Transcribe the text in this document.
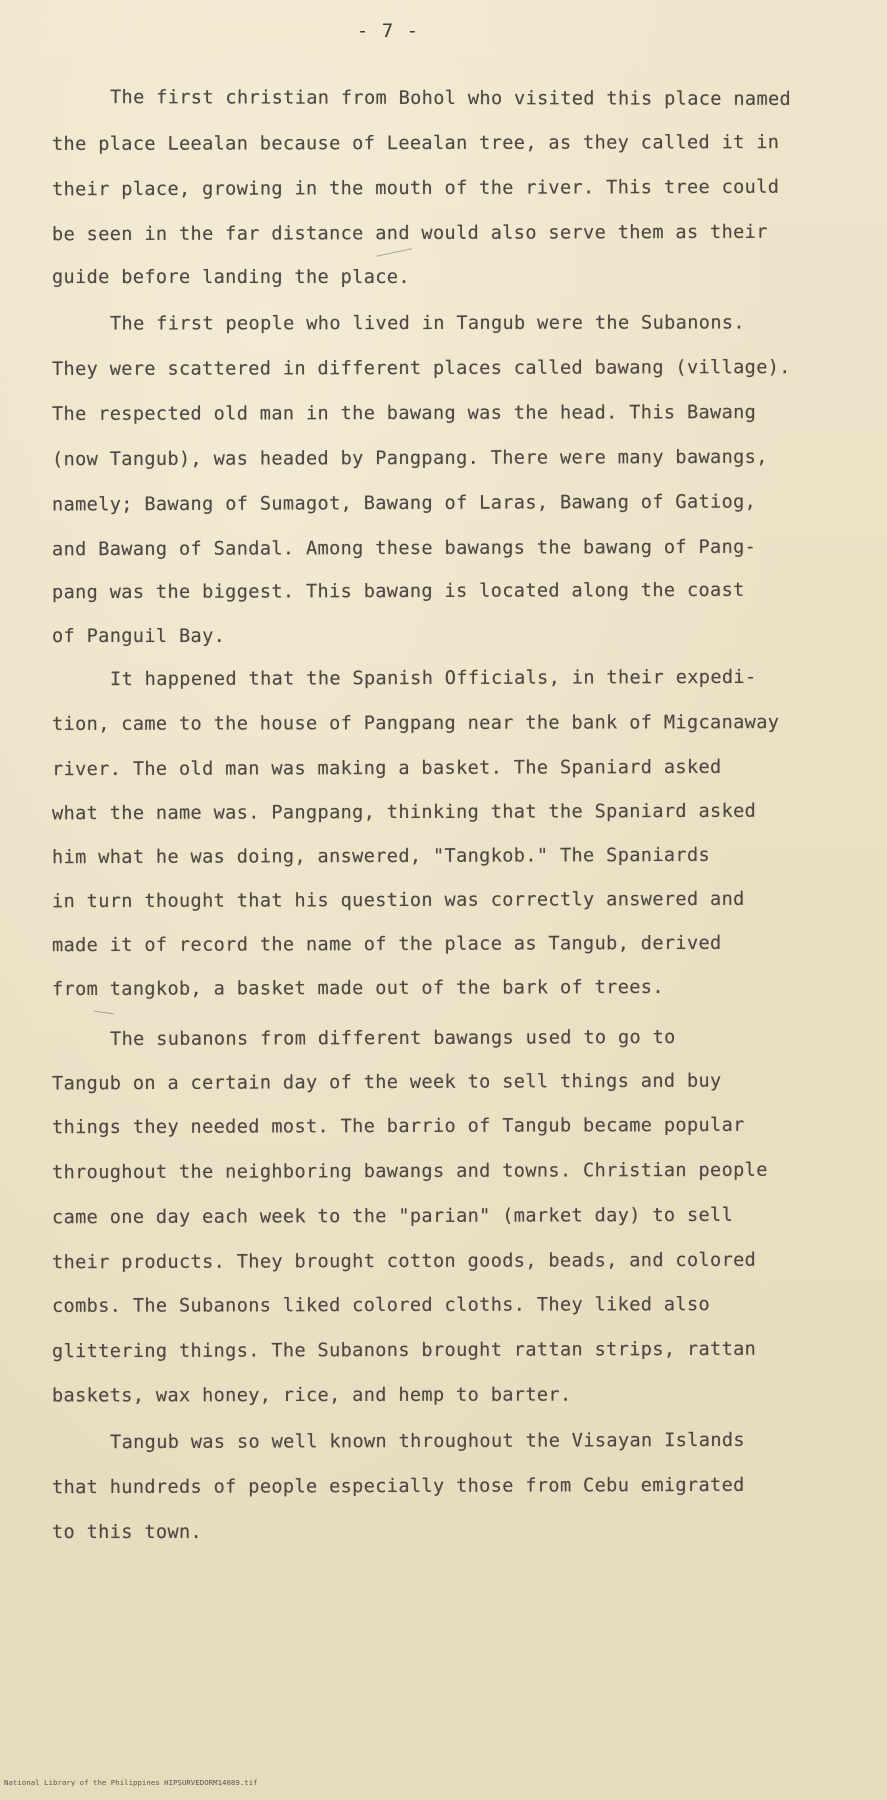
- 7 -
The first christian from Bohol who visited this place named
the place Leealan because of Leealan tree, as they called it in
their place, growing in the mouth of the river. This tree could
be seen in the far distance and would also serve them as their
guide before landing the place.
The first people who lived in Tangub were the Subanons.
They were scattered in different places called bawang (village).
The respected old man in the bawang was the head. This Bawang
(now Tangub), was headed by Pangpang. There were many bawangs,
namely; Bawang of Sumagot, Bawang of Laras, Bawang of Gatiog,
and Bawang of Sandal. Among these bawangs the bawang of Pang-
pang was the biggest. This bawang is located along the coast
of Panguil Bay.
It happened that the Spanish Officials, in their expedi-
tion, came to the house of Pangpang near the bank of Migcanaway
river. The old man was making a basket. The Spaniard asked
what the name was. Pangpang, thinking that the Spaniard asked
him what he was doing, answered, "Tangkob." The Spaniards
in turn thought that his question was correctly answered and
made it of record the name of the place as Tangub, derived
from tangkob, a basket made out of the bark of trees.
The subanons from different bawangs used to go to
Tangub on a certain day of the week to sell things and buy
things they needed most. The barrio of Tangub became popular
throughout the neighboring bawangs and towns. Christian people
came one day each week to the "parian" (market day) to sell
their products. They brought cotton goods, beads, and colored
combs. The Subanons liked colored cloths. They liked also
glittering things. The Subanons brought rattan strips, rattan
baskets, wax honey, rice, and hemp to barter.
Tangub was so well known throughout the Visayan Islands
that hundreds of people especially those from Cebu emigrated
to this town.
National Library of the Philippines HIPSURVEDORM14089.tif
